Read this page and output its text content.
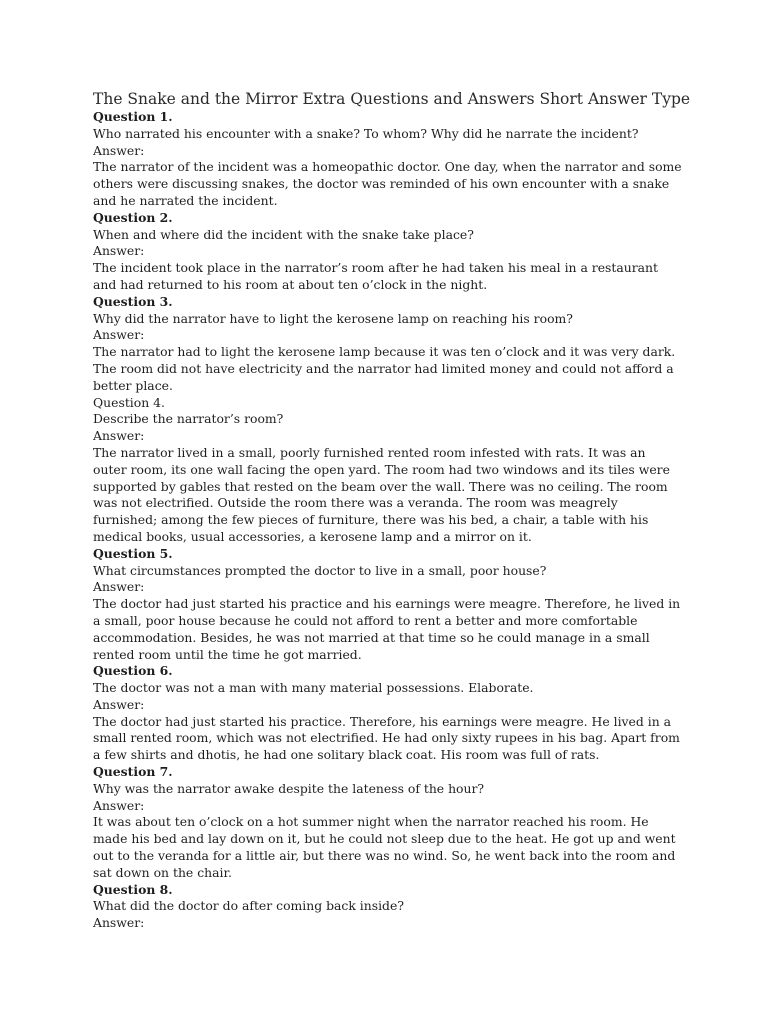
The Snake and the Mirror Extra Questions and Answers Short Answer Type

Question 1.

Who narrated his encounter with a snake? To whom? Why did he narrate the incident?

Answer:

The narrator of the incident was a homeopathic doctor. One day, when the narrator and some others were discussing snakes, the doctor was reminded of his own encounter with a snake and he narrated the incident.

Question 2.

When and where did the incident with the snake take place?

Answer:

The incident took place in the narrator’s room after he had taken his meal in a restaurant and had returned to his room at about ten o’clock in the night.

Question 3.

Why did the narrator have to light the kerosene lamp on reaching his room?

Answer:

The narrator had to light the kerosene lamp because it was ten o’clock and it was very dark. The room did not have electricity and the narrator had limited money and could not afford a better place.

Question 4.

Describe the narrator’s room?

Answer:

The narrator lived in a small, poorly furnished rented room infested with rats. It was an outer room, its one wall facing the open yard. The room had two windows and its tiles were supported by gables that rested on the beam over the wall. There was no ceiling. The room was not electrified. Outside the room there was a veranda. The room was meagrely furnished; among the few pieces of furniture, there was his bed, a chair, a table with his medical books, usual accessories, a kerosene lamp and a mirror on it.

Question 5.

What circumstances prompted the doctor to live in a small, poor house?

Answer:

The doctor had just started his practice and his earnings were meagre. Therefore, he lived in a small, poor house because he could not afford to rent a better and more comfortable accommodation. Besides, he was not married at that time so he could manage in a small rented room until the time he got married.

Question 6.

The doctor was not a man with many material possessions. Elaborate.

Answer:

The doctor had just started his practice. Therefore, his earnings were meagre. He lived in a small rented room, which was not electrified. He had only sixty rupees in his bag. Apart from a few shirts and dhotis, he had one solitary black coat. His room was full of rats.

Question 7.

Why was the narrator awake despite the lateness of the hour?

Answer:

It was about ten o’clock on a hot summer night when the narrator reached his room. He made his bed and lay down on it, but he could not sleep due to the heat. He got up and went out to the veranda for a little air, but there was no wind. So, he went back into the room and sat down on the chair.

Question 8.

What did the doctor do after coming back inside?

Answer:
